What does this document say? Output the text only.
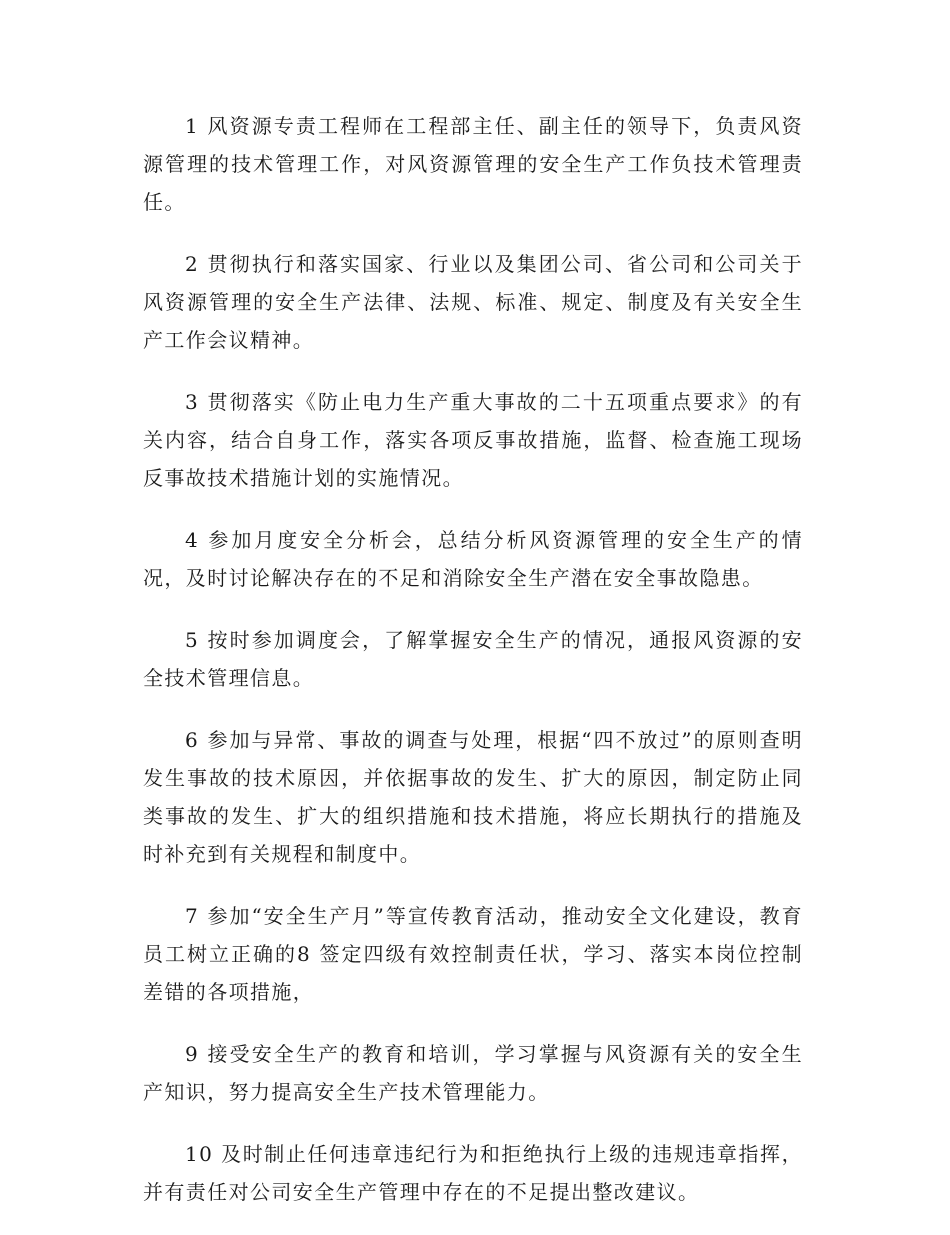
1 风资源专责工程师在工程部主任、副主任的领导下，负责风资源管理的技术管理工作，对风资源管理的安全生产工作负技术管理责任。

2 贯彻执行和落实国家、行业以及集团公司、省公司和公司关于风资源管理的安全生产法律、法规、标准、规定、制度及有关安全生产工作会议精神。

3 贯彻落实《防止电力生产重大事故的二十五项重点要求》的有关内容，结合自身工作，落实各项反事故措施，监督、检查施工现场反事故技术措施计划的实施情况。

4 参加月度安全分析会，总结分析风资源管理的安全生产的情况，及时讨论解决存在的不足和消除安全生产潜在安全事故隐患。

5 按时参加调度会，了解掌握安全生产的情况，通报风资源的安全技术管理信息。

6 参加与异常、事故的调查与处理，根据“四不放过”的原则查明发生事故的技术原因，并依据事故的发生、扩大的原因，制定防止同类事故的发生、扩大的组织措施和技术措施，将应长期执行的措施及时补充到有关规程和制度中。

7 参加“安全生产月”等宣传教育活动，推动安全文化建设，教育员工树立正确的8 签定四级有效控制责任状，学习、落实本岗位控制差错的各项措施，

9 接受安全生产的教育和培训，学习掌握与风资源有关的安全生产知识，努力提高安全生产技术管理能力。

10 及时制止任何违章违纪行为和拒绝执行上级的违规违章指挥，并有责任对公司安全生产管理中存在的不足提出整改建议。
